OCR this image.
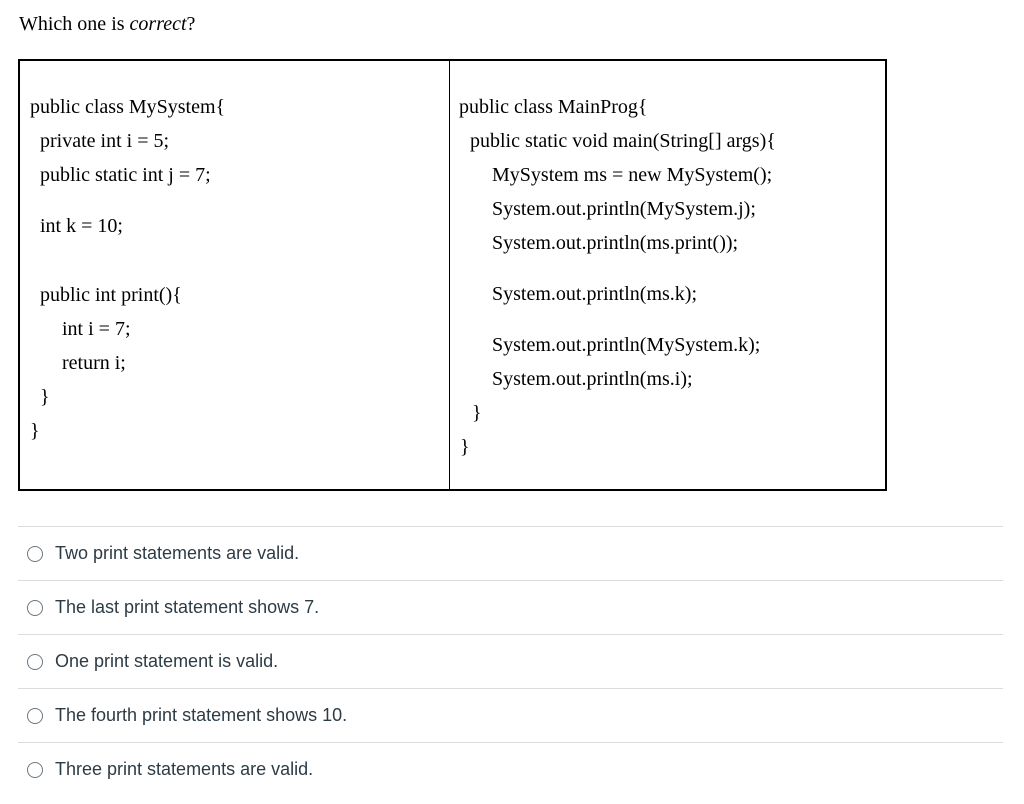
Which one is correct?
public class MySystem{
private int i = 5;
public static int j = 7;
int k = 10;
public int print(){
int i = 7;
return i;
}
}
public class MainProg{
public static void main(String[] args){
MySystem ms = new MySystem();
System.out.println(MySystem.j);
System.out.println(ms.print());
System.out.println(ms.k);
System.out.println(MySystem.k);
System.out.println(ms.i);
}
}
Two print statements are valid.
The last print statement shows 7.
One print statement is valid.
The fourth print statement shows 10.
Three print statements are valid.
